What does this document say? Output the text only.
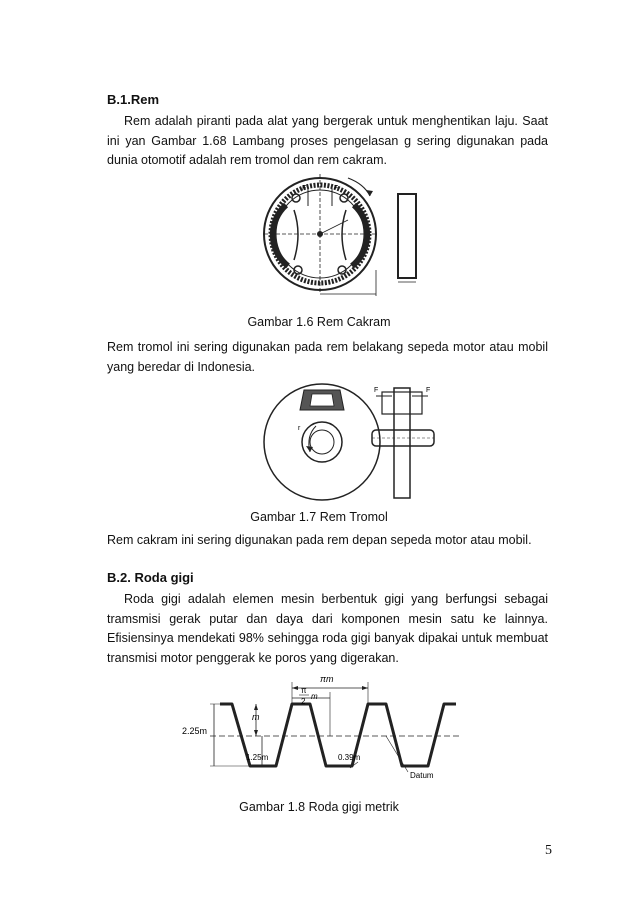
B.1.Rem
Rem adalah piranti pada alat yang bergerak untuk menghentikan laju. Saat ini yan Gambar 1.68 Lambang proses pengelasan g sering digunakan pada dunia otomotif adalah rem tromol dan rem cakram.
F	F
Gambar 1.6 Rem Cakram
Rem tromol ini sering digunakan pada rem belakang sepeda motor atau mobil yang beredar di Indonesia.
r
F	F
Gambar 1.7 Rem Tromol
Rem cakram ini sering digunakan pada rem depan sepeda motor atau mobil.
B.2. Roda gigi
Roda gigi adalah elemen mesin berbentuk gigi yang berfungsi sebagai tramsmisi gerak putar dan daya dari komponen mesin satu ke lainnya. Efisiensinya mendekati 98% sehingga roda gigi banyak dipakai untuk membuat transmisi motor penggerak ke poros yang digerakan.
πm
π
2
m
2.25m
m
1.25m	0.39m
Datum
Gambar 1.8 Roda gigi metrik
5
